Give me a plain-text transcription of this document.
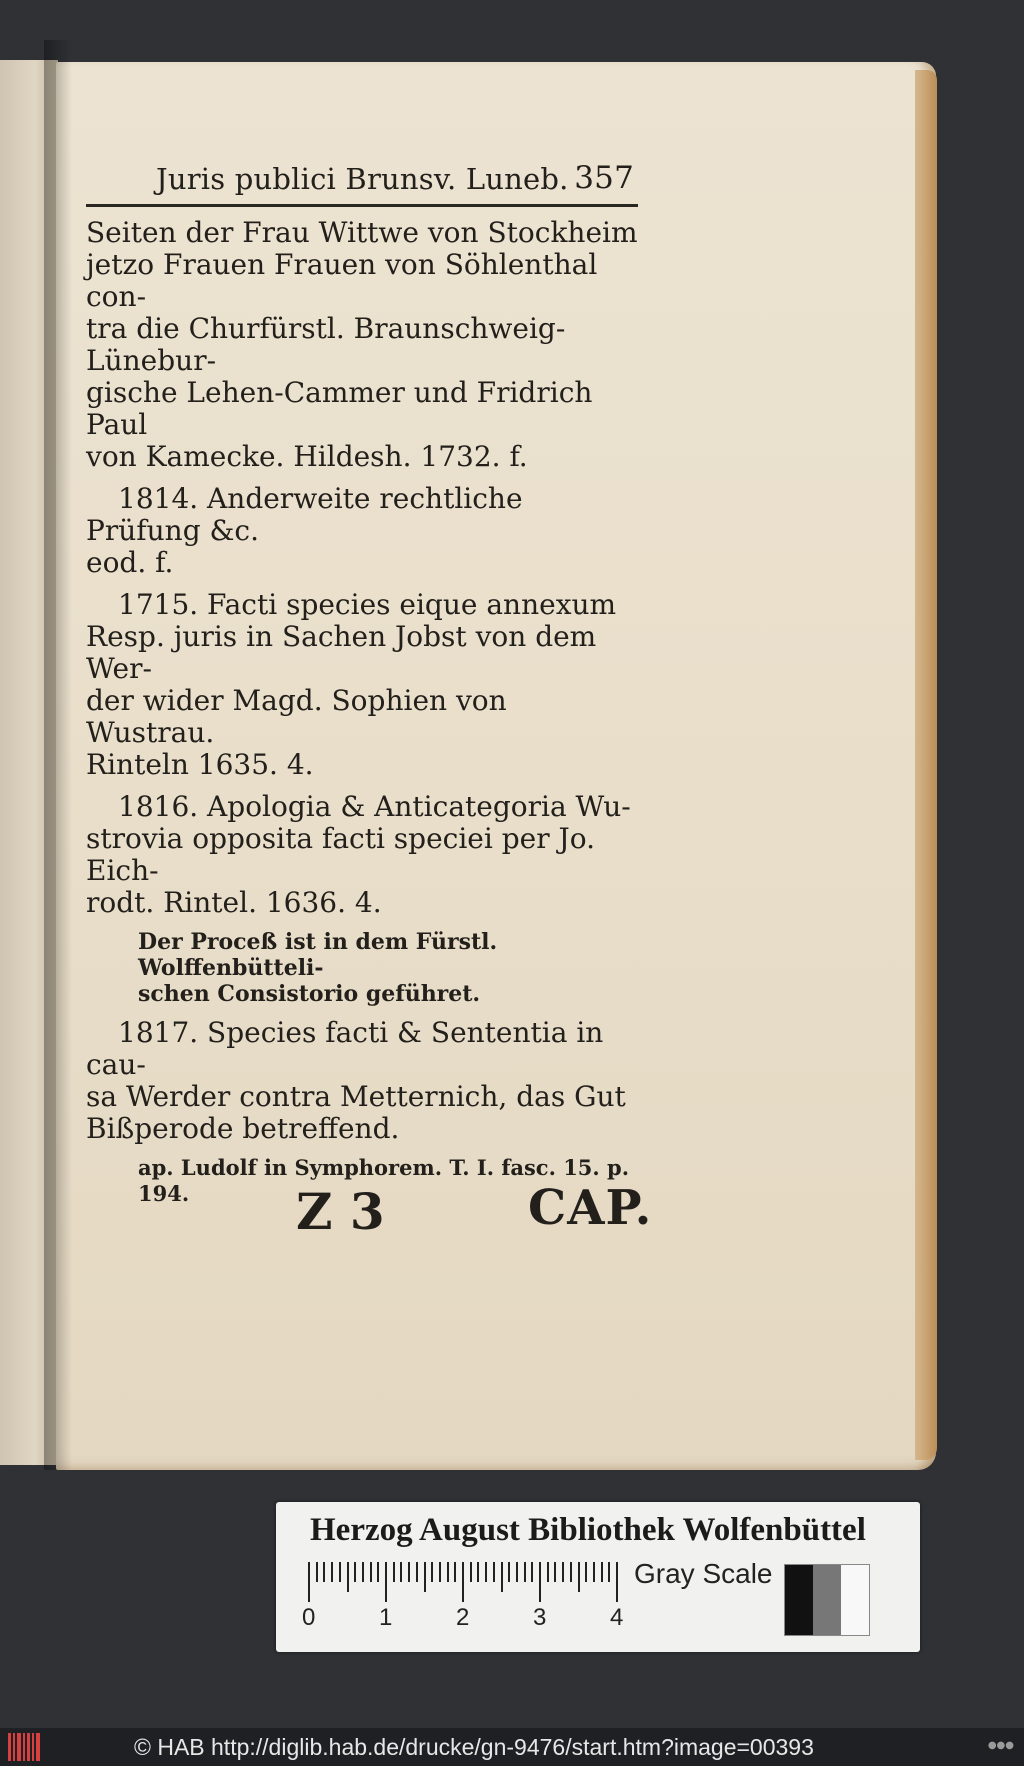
Juris publici Brunsv. Luneb. 357

Seiten der Frau Wittwe von Stockheim

jetzo Frauen Frauen von Söhlenthal con-

tra die Churfürstl. Braunschweig-Lünebur-

gische Lehen-Cammer und Fridrich Paul

von Kamecke. Hildesh. 1732. f.

1814. Anderweite rechtliche Prüfung &c.

eod. f.

1715. Facti species eique annexum

Resp. juris in Sachen Jobst von dem Wer-

der wider Magd. Sophien von Wustrau.

Rinteln 1635. 4.

1816. Apologia & Anticategoria Wu-

strovia opposita facti speciei per Jo. Eich-

rodt. Rintel. 1636. 4.

Der Proceß ist in dem Fürstl. Wolffenbütteli-

schen Consistorio geführet.

1817. Species facti & Sententia in cau-

sa Werder contra Metternich, das Gut

Bißperode betreffend.

ap. Ludolf in Symphorem. T. I. fasc. 15. p.

194.	Z 3	CAP.
Herzog August Bibliothek Wolfenbüttel
0	1	2	3	4
Gray Scale
© HAB http://diglib.hab.de/drucke/gn-9476/start.htm?image=00393	●●●
